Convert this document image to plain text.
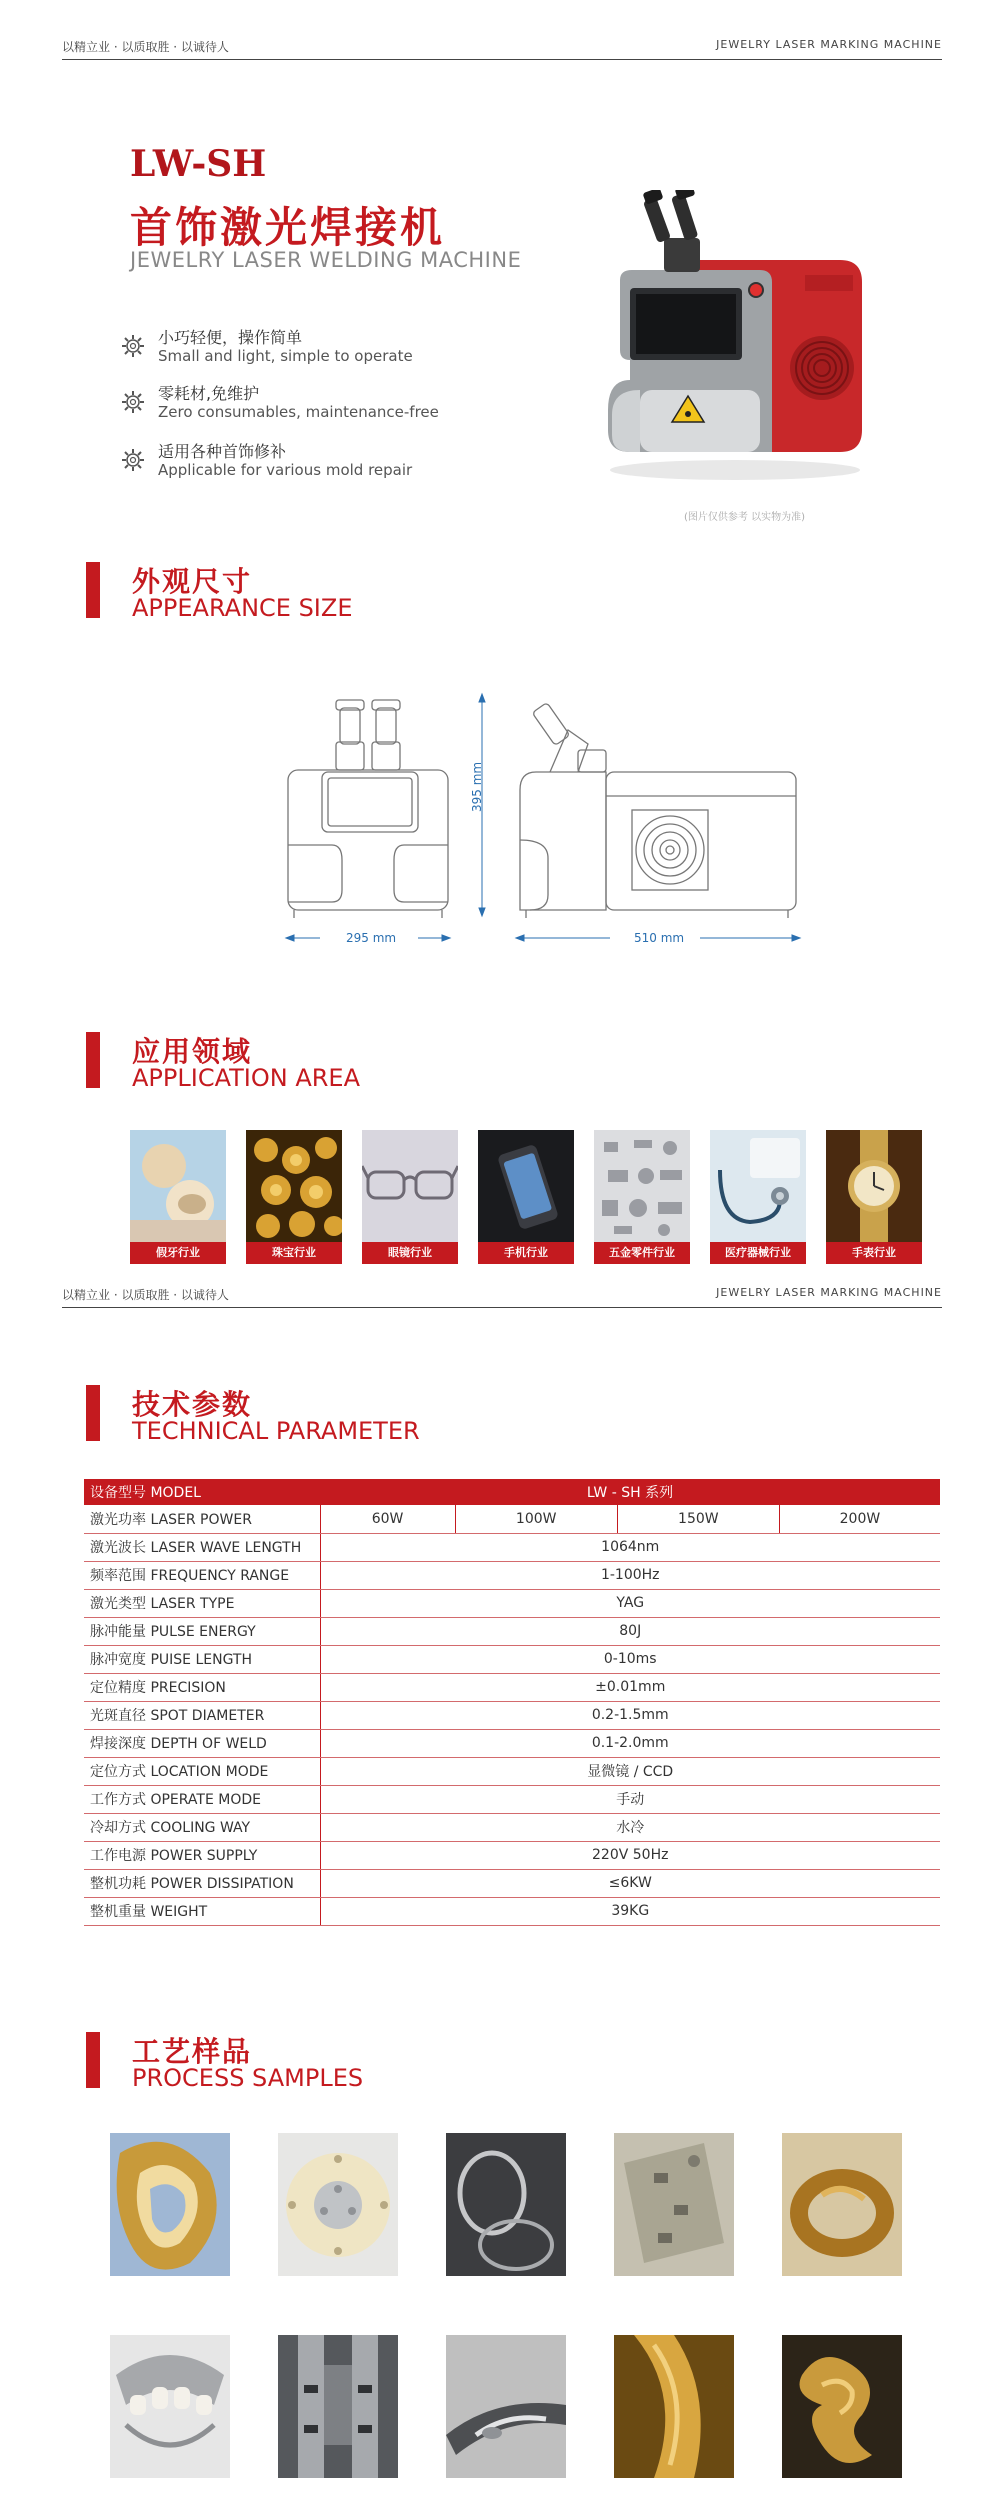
以精立业 · 以质取胜 · 以诚待人	JEWELRY LASER MARKING MACHINE
LW-SH
首饰激光焊接机
JEWELRY LASER WELDING MACHINE
小巧轻便，操作简单
Small and light, simple to operate
零耗材,免维护
Zero consumables, maintenance-free
适用各种首饰修补
Applicable for various mold repair
(图片仅供参考 以实物为准)
外观尺寸
APPEARANCE SIZE
395 mm
295 mm	510 mm
应用领域
APPLICATION AREA
假牙行业	珠宝行业	眼镜行业	手机行业	五金零件行业	医疗器械行业	手表行业
以精立业 · 以质取胜 · 以诚待人	JEWELRY LASER MARKING MACHINE
技术参数
TECHNICAL PARAMETER
设备型号 MODEL	LW - SH 系列			
激光功率 LASER POWER	60W	100W	150W	200W
激光波长 LASER WAVE LENGTH	1064nm			
频率范围 FREQUENCY RANGE	1-100Hz			
激光类型 LASER TYPE	YAG			
脉冲能量 PULSE ENERGY	80J			
脉冲宽度 PUISE LENGTH	0-10ms			
定位精度 PRECISION	±0.01mm			
光斑直径 SPOT DIAMETER	0.2-1.5mm			
焊接深度 DEPTH OF WELD	0.1-2.0mm			
定位方式 LOCATION MODE	显微镜 / CCD			
工作方式 OPERATE MODE	手动			
冷却方式 COOLING WAY	水冷			
工作电源 POWER SUPPLY	220V 50Hz			
整机功耗 POWER DISSIPATION	≤6KW			
整机重量 WEIGHT	39KG			
工艺样品
PROCESS SAMPLES
